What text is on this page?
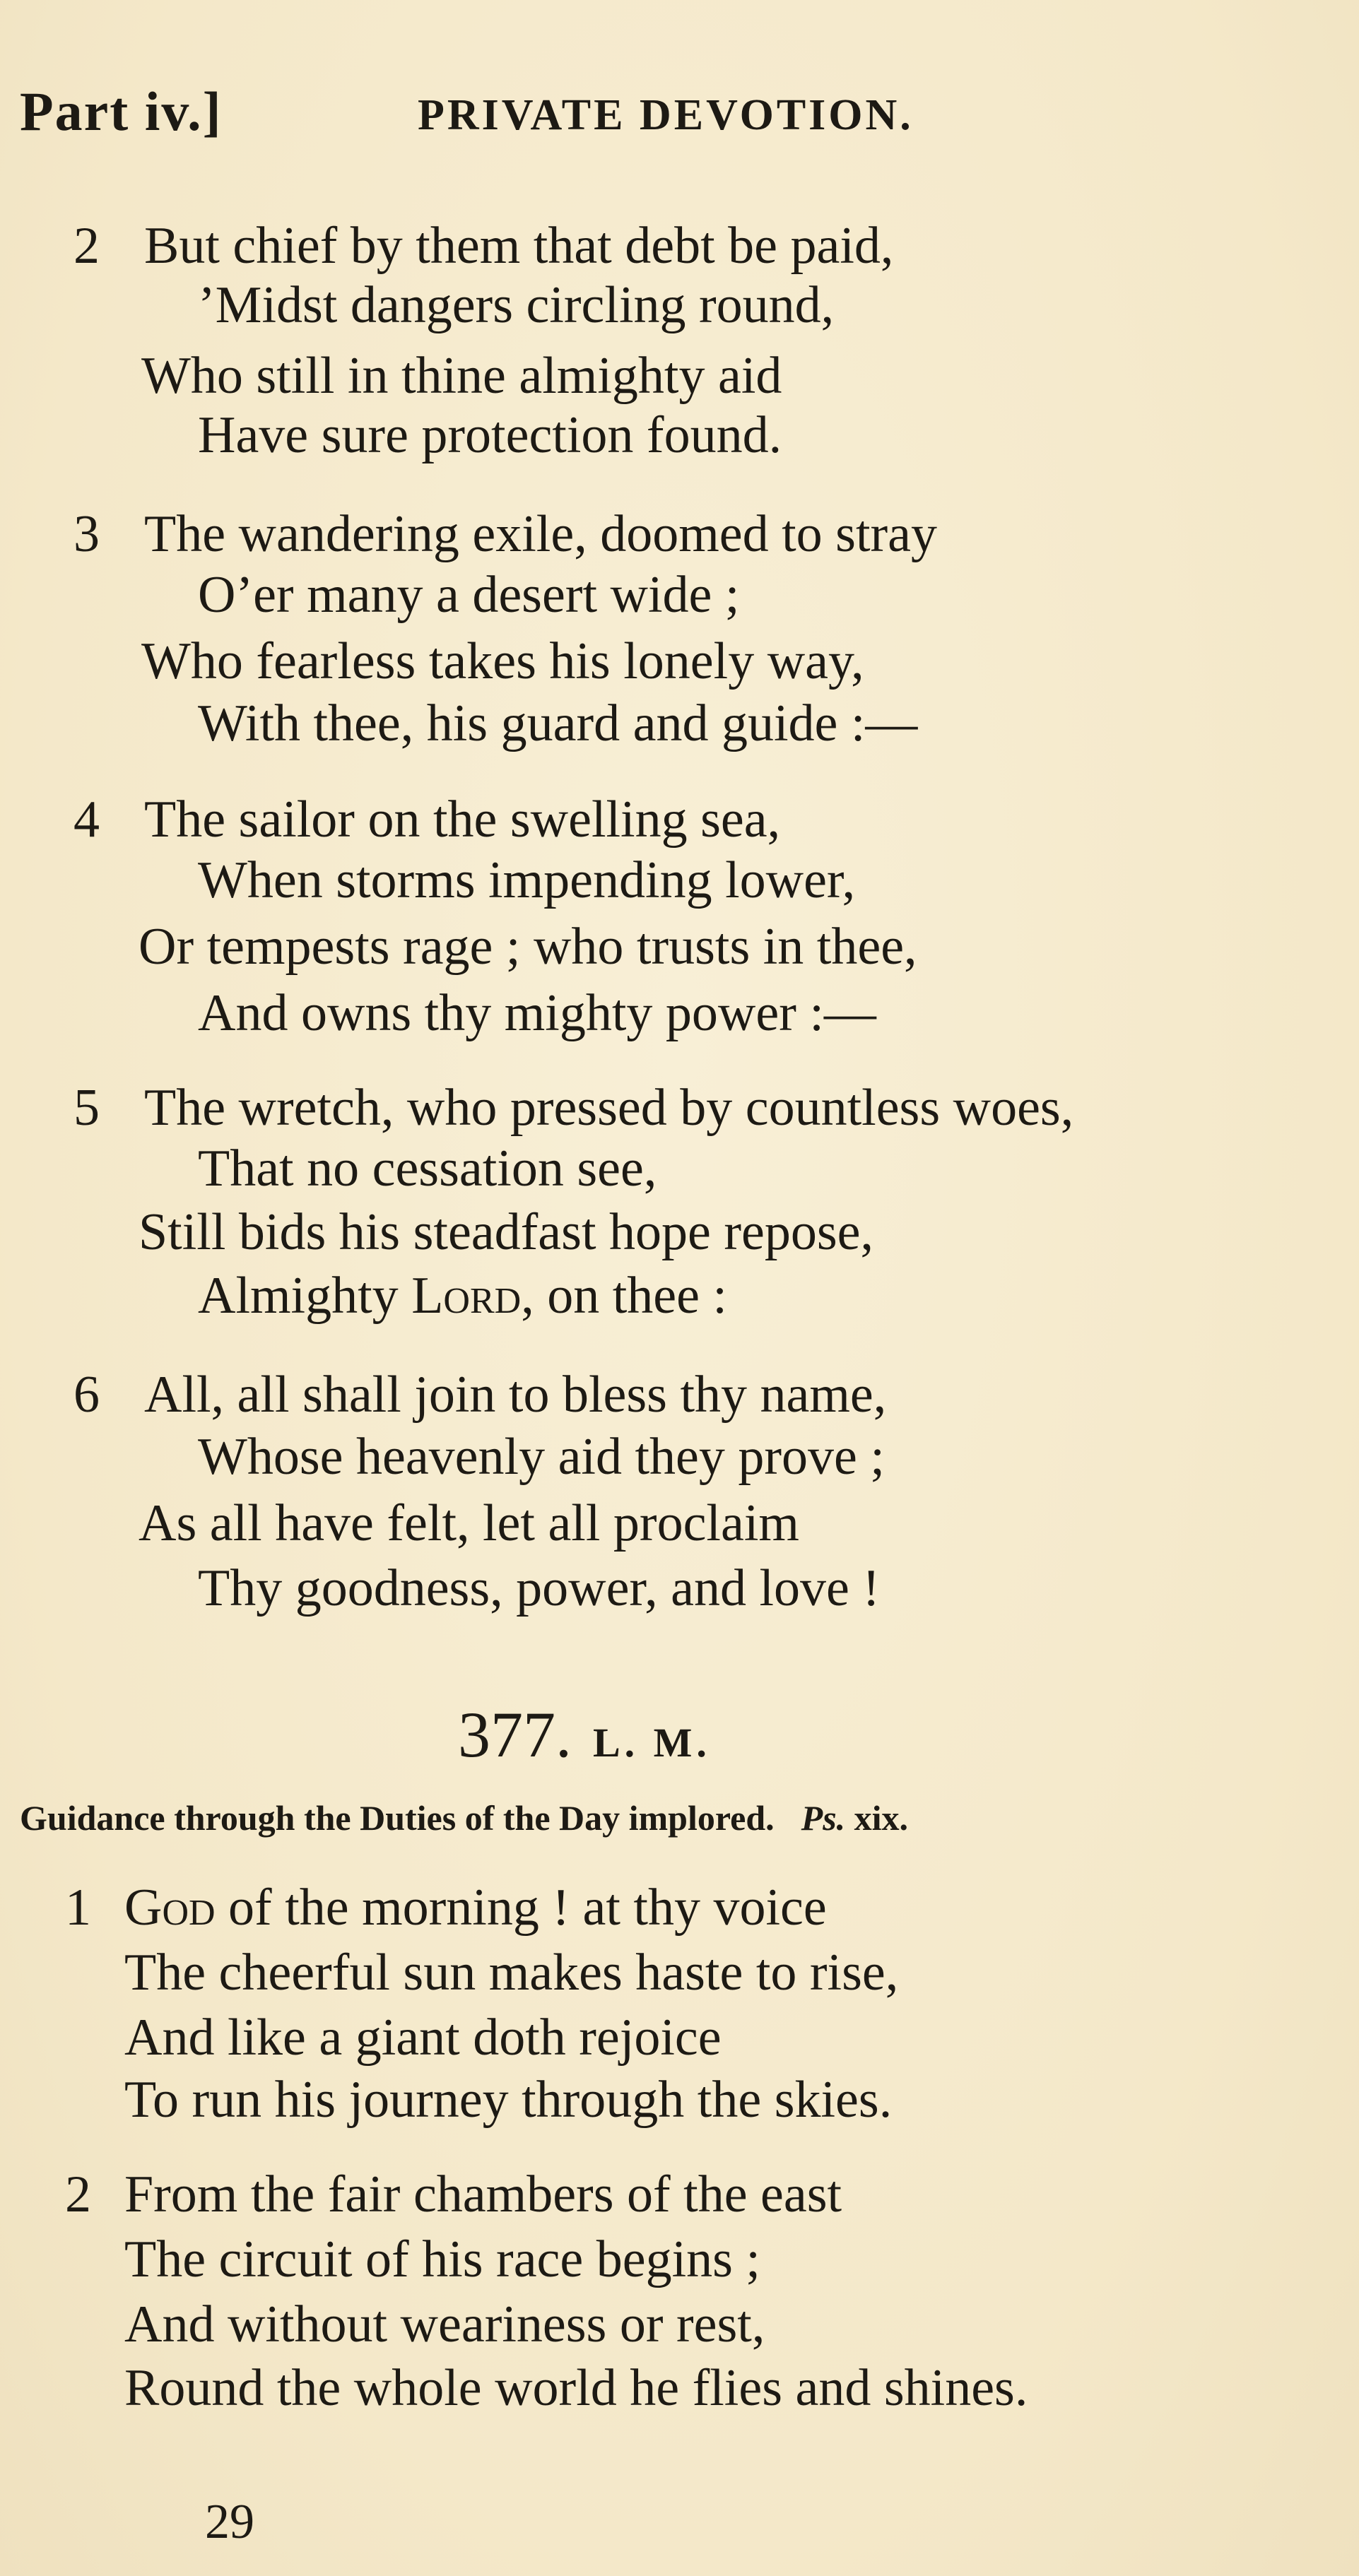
Part iv.]	PRIVATE DEVOTION.
2 But chief by them that debt be paid,
’Midst dangers circling round,
Who still in thine almighty aid
Have sure protection found.
3 The wandering exile, doomed to stray
O’er many a desert wide ;
Who fearless takes his lonely way,
With thee, his guard and guide :—
4 The sailor on the swelling sea,
When storms impending lower,
Or tempests rage ; who trusts in thee,
And owns thy mighty power :—
5 The wretch, who pressed by countless woes,
That no cessation see,
Still bids his steadfast hope repose,
Almighty Lord, on thee :
6 All, all shall join to bless thy name,
Whose heavenly aid they prove ;
As all have felt, let all proclaim
Thy goodness, power, and love !
377. L. M.
Guidance through the Duties of the Day implored. Ps. xix.
1 God of the morning ! at thy voice
The cheerful sun makes haste to rise,
And like a giant doth rejoice
To run his journey through the skies.
2 From the fair chambers of the east
The circuit of his race begins ;
And without weariness or rest,
Round the whole world he flies and shines.
29
